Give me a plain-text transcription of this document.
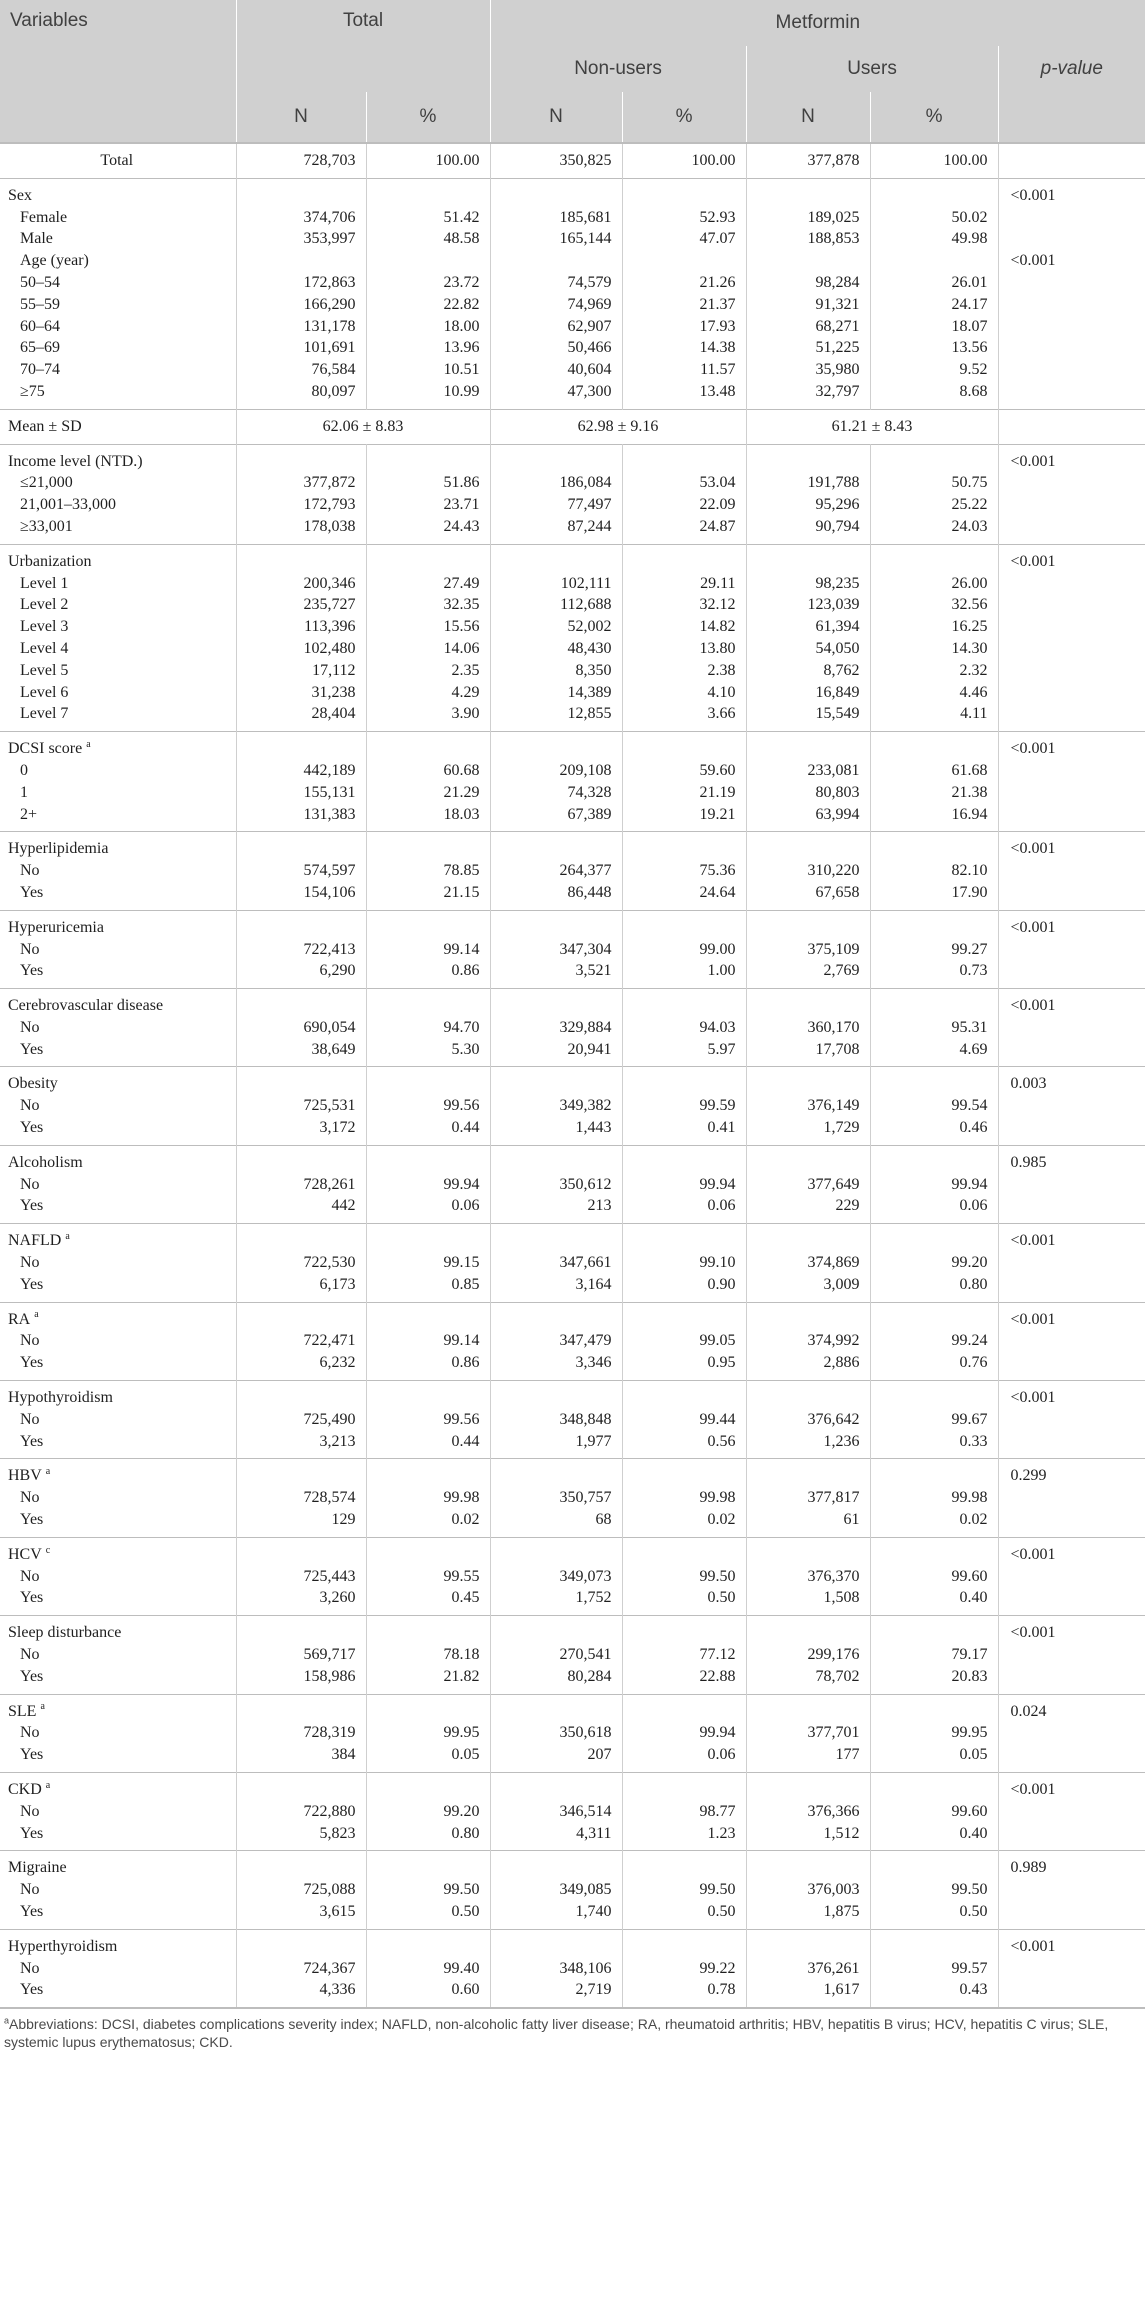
Variables	Total		Metformin				
			Non-users		Users		p-value
	N	%	N	%	N	%	
Total	728,703	100.00	350,825	100.00	377,878	100.00	
Sex							<0.001
Female	374,706	51.42	185,681	52.93	189,025	50.02	
Male	353,997	48.58	165,144	47.07	188,853	49.98	
Age (year)							<0.001
50–54	172,863	23.72	74,579	21.26	98,284	26.01	
55–59	166,290	22.82	74,969	21.37	91,321	24.17	
60–64	131,178	18.00	62,907	17.93	68,271	18.07	
65–69	101,691	13.96	50,466	14.38	51,225	13.56	
70–74	76,584	10.51	40,604	11.57	35,980	9.52	
≥75	80,097	10.99	47,300	13.48	32,797	8.68	
Mean ± SD	62.06 ± 8.83		62.98 ± 9.16		61.21 ± 8.43		
Income level (NTD.)							<0.001
≤21,000	377,872	51.86	186,084	53.04	191,788	50.75	
21,001–33,000	172,793	23.71	77,497	22.09	95,296	25.22	
≥33,001	178,038	24.43	87,244	24.87	90,794	24.03	
Urbanization							<0.001
Level 1	200,346	27.49	102,111	29.11	98,235	26.00	
Level 2	235,727	32.35	112,688	32.12	123,039	32.56	
Level 3	113,396	15.56	52,002	14.82	61,394	16.25	
Level 4	102,480	14.06	48,430	13.80	54,050	14.30	
Level 5	17,112	2.35	8,350	2.38	8,762	2.32	
Level 6	31,238	4.29	14,389	4.10	16,849	4.46	
Level 7	28,404	3.90	12,855	3.66	15,549	4.11	
DCSI score $^a$							<0.001
0	442,189	60.68	209,108	59.60	233,081	61.68	
1	155,131	21.29	74,328	21.19	80,803	21.38	
2+	131,383	18.03	67,389	19.21	63,994	16.94	
Hyperlipidemia							<0.001
No	574,597	78.85	264,377	75.36	310,220	82.10	
Yes	154,106	21.15	86,448	24.64	67,658	17.90	
Hyperuricemia							<0.001
No	722,413	99.14	347,304	99.00	375,109	99.27	
Yes	6,290	0.86	3,521	1.00	2,769	0.73	
Cerebrovascular disease							<0.001
No	690,054	94.70	329,884	94.03	360,170	95.31	
Yes	38,649	5.30	20,941	5.97	17,708	4.69	
Obesity							0.003
No	725,531	99.56	349,382	99.59	376,149	99.54	
Yes	3,172	0.44	1,443	0.41	1,729	0.46	
Alcoholism							0.985
No	728,261	99.94	350,612	99.94	377,649	99.94	
Yes	442	0.06	213	0.06	229	0.06	
NAFLD $^a$							<0.001
No	722,530	99.15	347,661	99.10	374,869	99.20	
Yes	6,173	0.85	3,164	0.90	3,009	0.80	
RA $^a$							<0.001
No	722,471	99.14	347,479	99.05	374,992	99.24	
Yes	6,232	0.86	3,346	0.95	2,886	0.76	
Hypothyroidism							<0.001
No	725,490	99.56	348,848	99.44	376,642	99.67	
Yes	3,213	0.44	1,977	0.56	1,236	0.33	
HBV $^a$							0.299
No	728,574	99.98	350,757	99.98	377,817	99.98	
Yes	129	0.02	68	0.02	61	0.02	
HCV $^c$							<0.001
No	725,443	99.55	349,073	99.50	376,370	99.60	
Yes	3,260	0.45	1,752	0.50	1,508	0.40	
Sleep disturbance							<0.001
No	569,717	78.18	270,541	77.12	299,176	79.17	
Yes	158,986	21.82	80,284	22.88	78,702	20.83	
SLE $^a$							0.024
No	728,319	99.95	350,618	99.94	377,701	99.95	
Yes	384	0.05	207	0.06	177	0.05	
CKD $^a$							<0.001
No	722,880	99.20	346,514	98.77	376,366	99.60	
Yes	5,823	0.80	4,311	1.23	1,512	0.40	
Migraine							0.989
No	725,088	99.50	349,085	99.50	376,003	99.50	
Yes	3,615	0.50	1,740	0.50	1,875	0.50	
Hyperthyroidism							<0.001
No	724,367	99.40	348,106	99.22	376,261	99.57	
Yes	4,336	0.60	2,719	0.78	1,617	0.43	
$^a$Abbreviations: DCSI, diabetes complications severity index; NAFLD, non-alcoholic fatty liver disease; RA, rheumatoid arthritis; HBV, hepatitis B virus; HCV, hepatitis C virus; SLE, systemic lupus erythematosus; CKD.
